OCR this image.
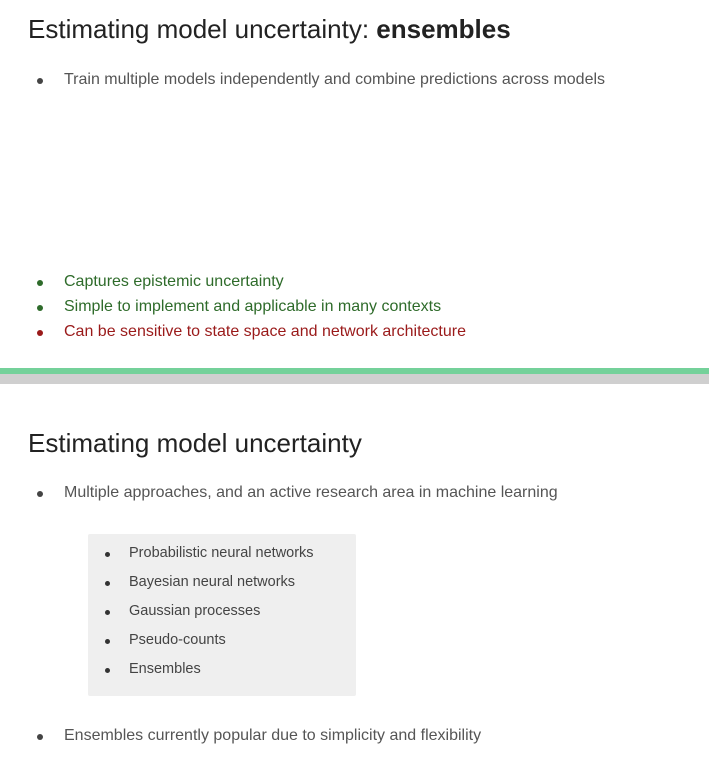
Estimating model uncertainty: ensembles
Train multiple models independently and combine predictions across models
Captures epistemic uncertainty
Simple to implement and applicable in many contexts
Can be sensitive to state space and network architecture
Estimating model uncertainty
Multiple approaches, and an active research area in machine learning
Probabilistic neural networks
Bayesian neural networks
Gaussian processes
Pseudo-counts
Ensembles
Ensembles currently popular due to simplicity and flexibility
